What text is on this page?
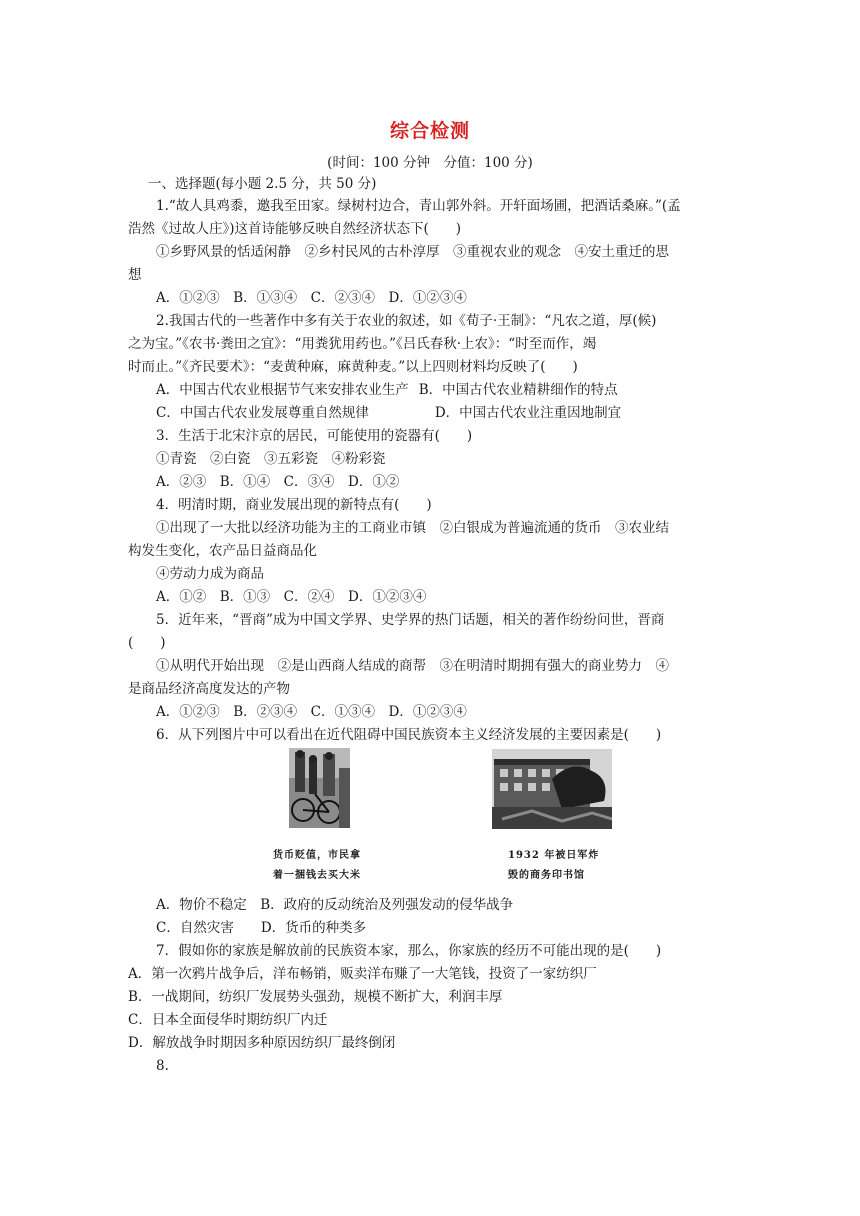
综合检测
(时间：100 分钟　分值：100 分)
一、选择题(每小题 2.5 分，共 50 分)
1.“故人具鸡黍，邀我至田家。绿树村边合，青山郭外斜。开轩面场圃，把酒话桑麻。”(孟
浩然《过故人庄》)这首诗能够反映自然经济状态下(　　)
①乡野风景的恬适闲静　②乡村民风的古朴淳厚　③重视农业的观念　④安土重迁的思
想
A．①②③　B．①③④　C．②③④　D．①②③④
2.我国古代的一些著作中多有关于农业的叙述，如《荀子·王制》：“凡农之道，厚(候)
之为宝。”《农书·粪田之宜》：“用粪犹用药也。”《吕氏春秋·上农》：“时至而作，竭
时而止。”《齐民要术》：“麦黄种麻，麻黄种麦。”以上四则材料均反映了(　　)
A．中国古代农业根据节气来安排农业生产 B．中国古代农业精耕细作的特点
C．中国古代农业发展尊重自然规律	D．中国古代农业注重因地制宜
3．生活于北宋汴京的居民，可能使用的瓷器有(　　)
①青瓷　②白瓷　③五彩瓷　④粉彩瓷
A．②③　B．①④　C．③④　D．①②
4．明清时期，商业发展出现的新特点有(　　)
①出现了一大批以经济功能为主的工商业市镇　②白银成为普遍流通的货币　③农业结
构发生变化，农产品日益商品化
④劳动力成为商品
A．①②　B．①③　C．②④　D．①②③④
5．近年来，“晋商”成为中国文学界、史学界的热门话题，相关的著作纷纷问世，晋商
(　　)
①从明代开始出现　②是山西商人结成的商帮　③在明清时期拥有强大的商业势力　④
是商品经济高度发达的产物
A．①②③　B．②③④　C．①③④　D．①②③④
6．从下列图片中可以看出在近代阻碍中国民族资本主义经济发展的主要因素是(　　)
货币贬值，市民拿
着一捆钱去买大米
1932 年被日军炸
毁的商务印书馆
A．物价不稳定　B．政府的反动统治及列强发动的侵华战争
C．自然灾害　　D．货币的种类多
7．假如你的家族是解放前的民族资本家，那么，你家族的经历不可能出现的是(　　)
A．第一次鸦片战争后，洋布畅销，贩卖洋布赚了一大笔钱，投资了一家纺织厂
B．一战期间，纺织厂发展势头强劲，规模不断扩大，利润丰厚
C．日本全面侵华时期纺织厂内迁
D．解放战争时期因多种原因纺织厂最终倒闭
8.
